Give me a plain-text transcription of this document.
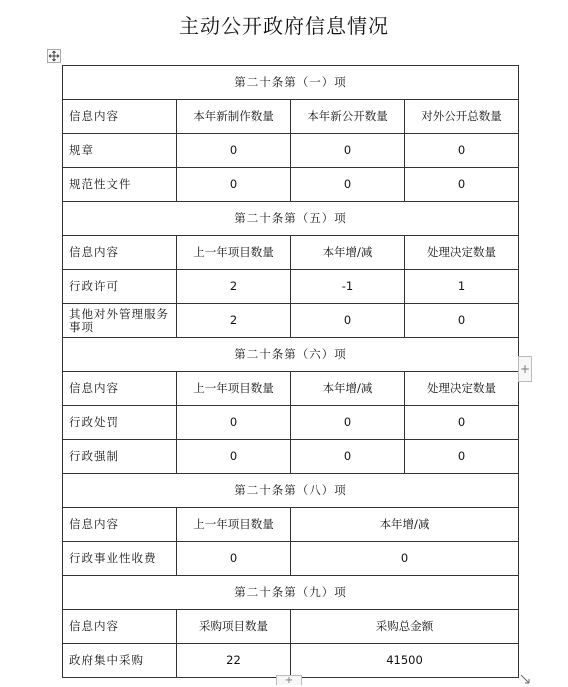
主动公开政府信息情况
第二十条第（一）项			
信息内容	本年新制作数量	本年新公开数量	对外公开总数量
规章	0	0	0
规范性文件	0	0	0
第二十条第（五）项			
信息内容	上一年项目数量	本年增/减	处理决定数量
行政许可	2	-1	1
其他对外管理服务事项	2	0	0
第二十条第（六）项			
信息内容	上一年项目数量	本年增/减	处理决定数量
行政处罚	0	0	0
行政强制	0	0	0
第二十条第（八）项			
信息内容	上一年项目数量	本年增/减	
行政事业性收费	0	0	
第二十条第（九）项			
信息内容	采购项目数量	采购总金额	
政府集中采购	22	41500	
+
+
